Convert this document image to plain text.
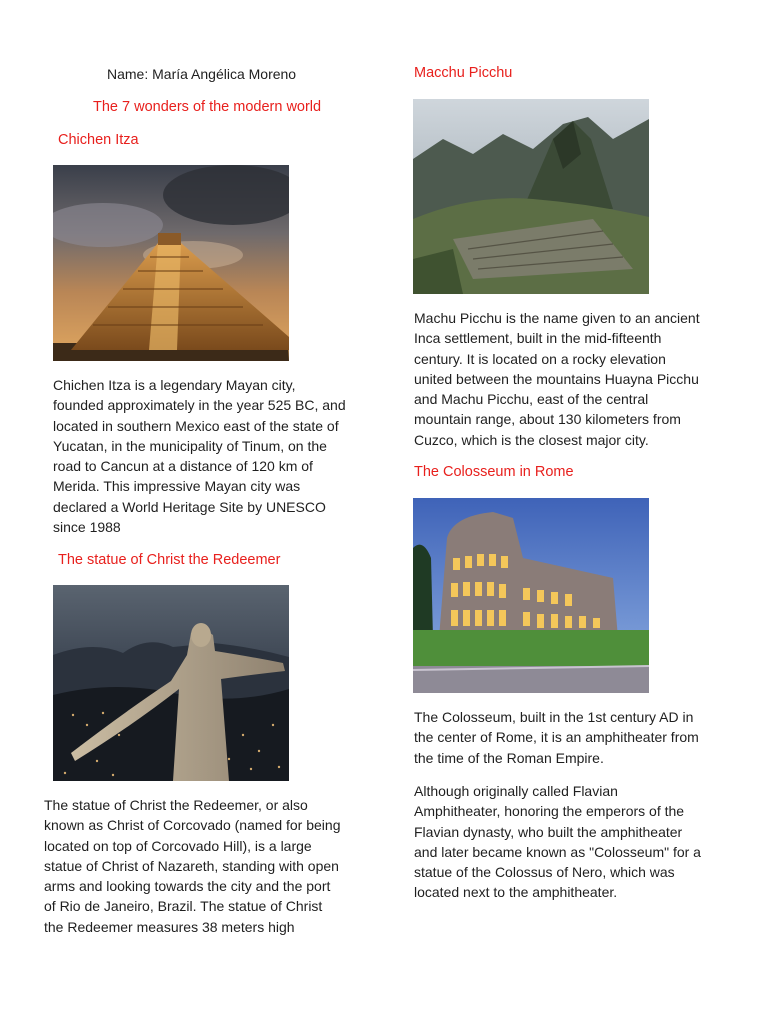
Name: María Angélica Moreno
The 7 wonders of the modern world
Chichen Itza
Chichen Itza is a legendary Mayan city,
founded approximately in the year 525 BC, and
located in southern Mexico east of the state of
Yucatan, in the municipality of Tinum, on the
road to Cancun at a distance of 120 km of
Merida. This impressive Mayan city was
declared a World Heritage Site by UNESCO
since 1988
The statue of Christ the Redeemer
The statue of Christ the Redeemer, or also
known as Christ of Corcovado (named for being
located on top of Corcovado Hill), is a large
statue of Christ of Nazareth, standing with open
arms and looking towards the city and the port
of Rio de Janeiro, Brazil. The statue of Christ
the Redeemer measures 38 meters high
Macchu Picchu
Machu Picchu is the name given to an ancient
Inca settlement, built in the mid-fifteenth
century. It is located on a rocky elevation
united between the mountains Huayna Picchu
and Machu Picchu, east of the central
mountain range, about 130 kilometers from
Cuzco, which is the closest major city.
The Colosseum in Rome
The Colosseum, built in the 1st century AD in
the center of Rome, it is an amphitheater from
the time of the Roman Empire.
Although originally called Flavian
Amphitheater, honoring the emperors of the
Flavian dynasty, who built the amphitheater
and later became known as "Colosseum" for a
statue of the Colossus of Nero, which was
located next to the amphitheater.
